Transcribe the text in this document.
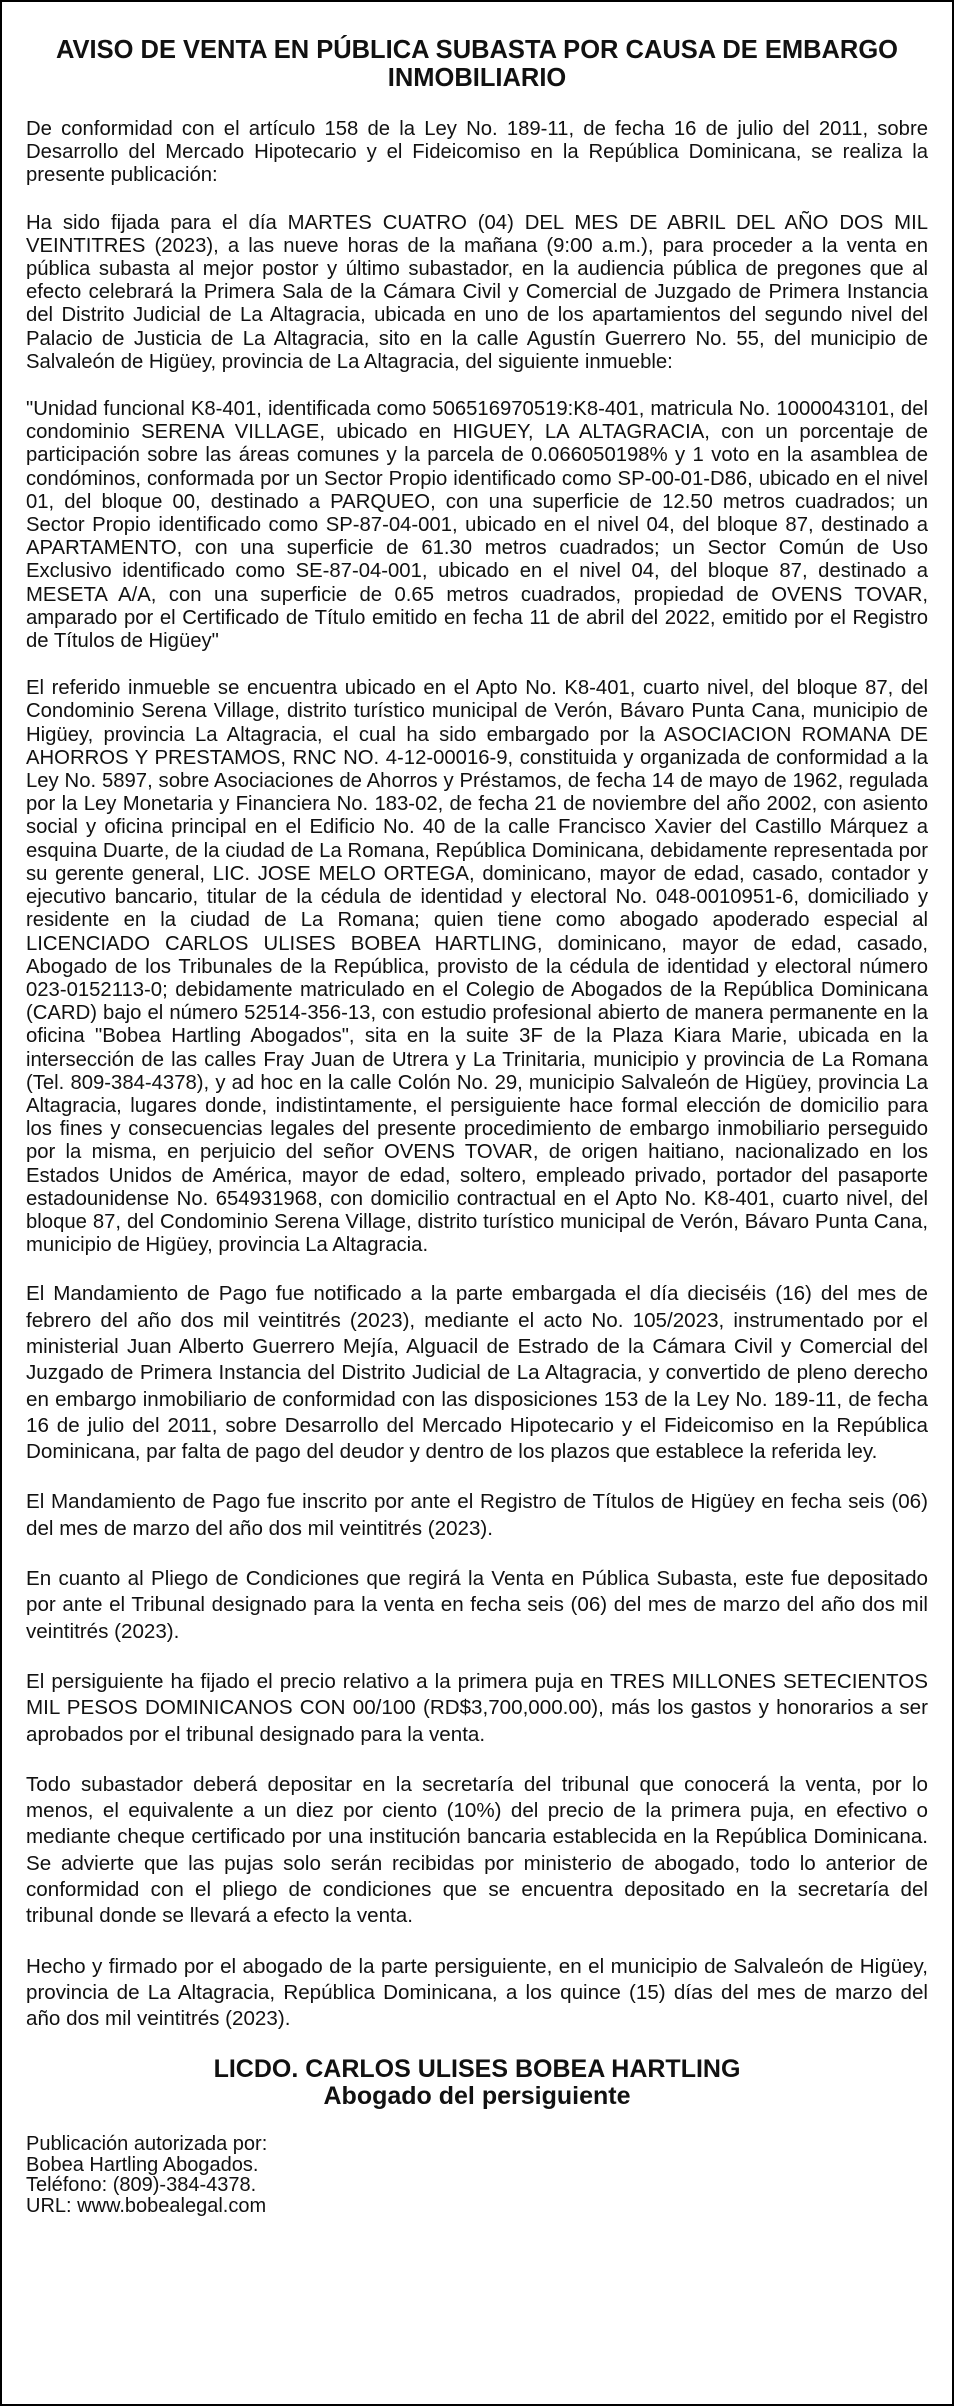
AVISO DE VENTA EN PÚBLICA SUBASTA POR CAUSA DE EMBARGO INMOBILIARIO

De conformidad con el artículo 158 de la Ley No. 189-11, de fecha 16 de julio del 2011, sobre Desarrollo del Mercado Hipotecario y el Fideicomiso en la República Dominicana, se realiza la presente publicación:

Ha sido fijada para el día MARTES CUATRO (04) DEL MES DE ABRIL DEL AÑO DOS MIL VEINTITRES (2023), a las nueve horas de la mañana (9:00 a.m.), para proceder a la venta en pública subasta al mejor postor y último subastador, en la audiencia pública de pregones que al efecto celebrará la Primera Sala de la Cámara Civil y Comercial de Juzgado de Primera Instancia del Distrito Judicial de La Altagracia, ubicada en uno de los apartamientos del segundo nivel del Palacio de Justicia de La Altagracia, sito en la calle Agustín Guerrero No. 55, del municipio de Salvaleón de Higüey, provincia de La Altagracia, del siguiente inmueble:

"Unidad funcional K8-401, identificada como 506516970519:K8-401, matricula No. 1000043101, del condominio SERENA VILLAGE, ubicado en HIGUEY, LA ALTAGRACIA, con un porcentaje de participación sobre las áreas comunes y la parcela de 0.066050198% y 1 voto en la asamblea de condóminos, conformada por un Sector Propio identificado como SP-00-01-D86, ubicado en el nivel 01, del bloque 00, destinado a PARQUEO, con una superficie de 12.50 metros cuadrados; un Sector Propio identificado como SP-87-04-001, ubicado en el nivel 04, del bloque 87, destinado a APARTAMENTO, con una superficie de 61.30 metros cuadrados; un Sector Común de Uso Exclusivo identificado como SE-87-04-001, ubicado en el nivel 04, del bloque 87, destinado a MESETA A/A, con una superficie de 0.65 metros cuadrados, propiedad de OVENS TOVAR, amparado por el Certificado de Título emitido en fecha 11 de abril del 2022, emitido por el Registro de Títulos de Higüey"

El referido inmueble se encuentra ubicado en el Apto No. K8-401, cuarto nivel, del bloque 87, del Condominio Serena Village, distrito turístico municipal de Verón, Bávaro Punta Cana, municipio de Higüey, provincia La Altagracia, el cual ha sido embargado por la ASOCIACION ROMANA DE AHORROS Y PRESTAMOS, RNC NO. 4-12-00016-9, constituida y organizada de conformidad a la Ley No. 5897, sobre Asociaciones de Ahorros y Préstamos, de fecha 14 de mayo de 1962, regulada por la Ley Monetaria y Financiera No. 183-02, de fecha 21 de noviembre del año 2002, con asiento social y oficina principal en el Edificio No. 40 de la calle Francisco Xavier del Castillo Márquez a esquina Duarte, de la ciudad de La Romana, República Dominicana, debidamente representada por su gerente general, LIC. JOSE MELO ORTEGA, dominicano, mayor de edad, casado, contador y ejecutivo bancario, titular de la cédula de identidad y electoral No. 048-0010951-6, domiciliado y residente en la ciudad de La Romana; quien tiene como abogado apoderado especial al LICENCIADO CARLOS ULISES BOBEA HARTLING, dominicano, mayor de edad, casado, Abogado de los Tribunales de la República, provisto de la cédula de identidad y electoral número 023-0152113-0; debidamente matriculado en el Colegio de Abogados de la República Dominicana (CARD) bajo el número 52514-356-13, con estudio profesional abierto de manera permanente en la oficina "Bobea Hartling Abogados", sita en la suite 3F de la Plaza Kiara Marie, ubicada en la intersección de las calles Fray Juan de Utrera y La Trinitaria, municipio y provincia de La Romana (Tel. 809-384-4378), y ad hoc en la calle Colón No. 29, municipio Salvaleón de Higüey, provincia La Altagracia, lugares donde, indistintamente, el persiguiente hace formal elección de domicilio para los fines y consecuencias legales del presente procedimiento de embargo inmobiliario perseguido por la misma, en perjuicio del señor OVENS TOVAR, de origen haitiano, nacionalizado en los Estados Unidos de América, mayor de edad, soltero, empleado privado, portador del pasaporte estadounidense No. 654931968, con domicilio contractual en el Apto No. K8-401, cuarto nivel, del bloque 87, del Condominio Serena Village, distrito turístico municipal de Verón, Bávaro Punta Cana, municipio de Higüey, provincia La Altagracia.

El Mandamiento de Pago fue notificado a la parte embargada el día dieciséis (16) del mes de febrero del año dos mil veintitrés (2023), mediante el acto No. 105/2023, instrumentado por el ministerial Juan Alberto Guerrero Mejía, Alguacil de Estrado de la Cámara Civil y Comercial del Juzgado de Primera Instancia del Distrito Judicial de La Altagracia, y convertido de pleno derecho en embargo inmobiliario de conformidad con las disposiciones 153 de la Ley No. 189-11, de fecha 16 de julio del 2011, sobre Desarrollo del Mercado Hipotecario y el Fideicomiso en la República Dominicana, par falta de pago del deudor y dentro de los plazos que establece la referida ley.

El Mandamiento de Pago fue inscrito por ante el Registro de Títulos de Higüey en fecha seis (06) del mes de marzo del año dos mil veintitrés (2023).

En cuanto al Pliego de Condiciones que regirá la Venta en Pública Subasta, este fue depositado por ante el Tribunal designado para la venta en fecha seis (06) del mes de marzo del año dos mil veintitrés (2023).

El persiguiente ha fijado el precio relativo a la primera puja en TRES MILLONES SETECIENTOS MIL PESOS DOMINICANOS CON 00/100 (RD$3,700,000.00), más los gastos y honorarios a ser aprobados por el tribunal designado para la venta.

Todo subastador deberá depositar en la secretaría del tribunal que conocerá la venta, por lo menos, el equivalente a un diez por ciento (10%) del precio de la primera puja, en efectivo o mediante cheque certificado por una institución bancaria establecida en la República Dominicana. Se advierte que las pujas solo serán recibidas por ministerio de abogado, todo lo anterior de conformidad con el pliego de condiciones que se encuentra depositado en la secretaría del tribunal donde se llevará a efecto la venta.

Hecho y firmado por el abogado de la parte persiguiente, en el municipio de Salvaleón de Higüey, provincia de La Altagracia, República Dominicana, a los quince (15) días del mes de marzo del año dos mil veintitrés (2023).

LICDO. CARLOS ULISES BOBEA HARTLING
Abogado del persiguiente
Publicación autorizada por:
Bobea Hartling Abogados.
Teléfono: (809)-384-4378.
URL: www.bobealegal.com
